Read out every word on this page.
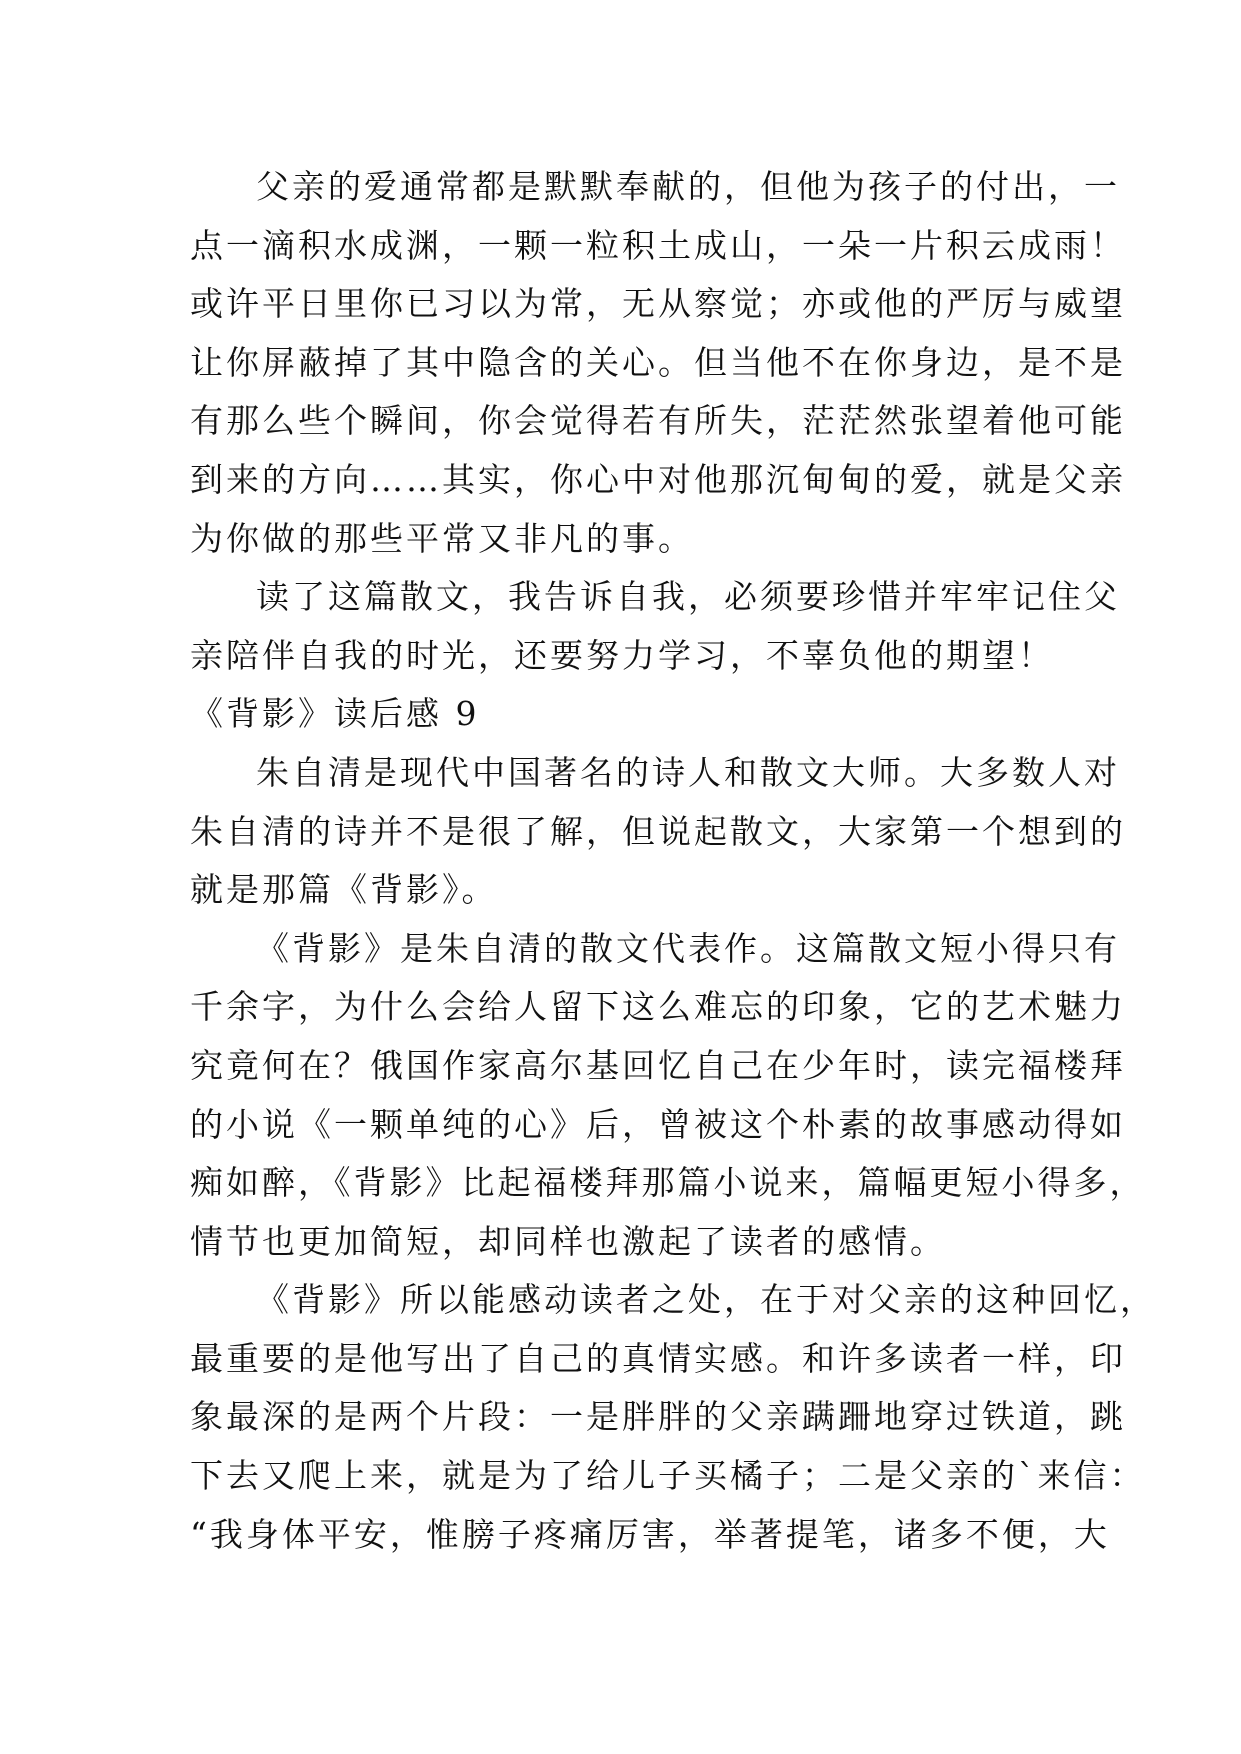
父亲的爱通常都是默默奉献的，但他为孩子的付出，一
点一滴积水成渊，一颗一粒积土成山，一朵一片积云成雨！
或许平日里你已习以为常，无从察觉；亦或他的严厉与威望
让你屏蔽掉了其中隐含的关心。但当他不在你身边，是不是
有那么些个瞬间，你会觉得若有所失，茫茫然张望着他可能
到来的方向……其实，你心中对他那沉甸甸的爱，就是父亲
为你做的那些平常又非凡的事。
读了这篇散文，我告诉自我，必须要珍惜并牢牢记住父
亲陪伴自我的时光，还要努力学习，不辜负他的期望！
《背影》读后感 9
朱自清是现代中国著名的诗人和散文大师。大多数人对
朱自清的诗并不是很了解，但说起散文，大家第一个想到的
就是那篇《背影》。
《背影》是朱自清的散文代表作。这篇散文短小得只有
千余字，为什么会给人留下这么难忘的印象，它的艺术魅力
究竟何在？俄国作家高尔基回忆自己在少年时，读完福楼拜
的小说《一颗单纯的心》后，曾被这个朴素的故事感动得如
痴如醉，《背影》比起福楼拜那篇小说来，篇幅更短小得多，
情节也更加简短，却同样也激起了读者的感情。
《背影》所以能感动读者之处，在于对父亲的这种回忆，
最重要的是他写出了自己的真情实感。和许多读者一样，印
象最深的是两个片段：一是胖胖的父亲蹒跚地穿过铁道，跳
下去又爬上来，就是为了给儿子买橘子；二是父亲的`来信：
“我身体平安，惟膀子疼痛厉害，举著提笔，诸多不便，大
